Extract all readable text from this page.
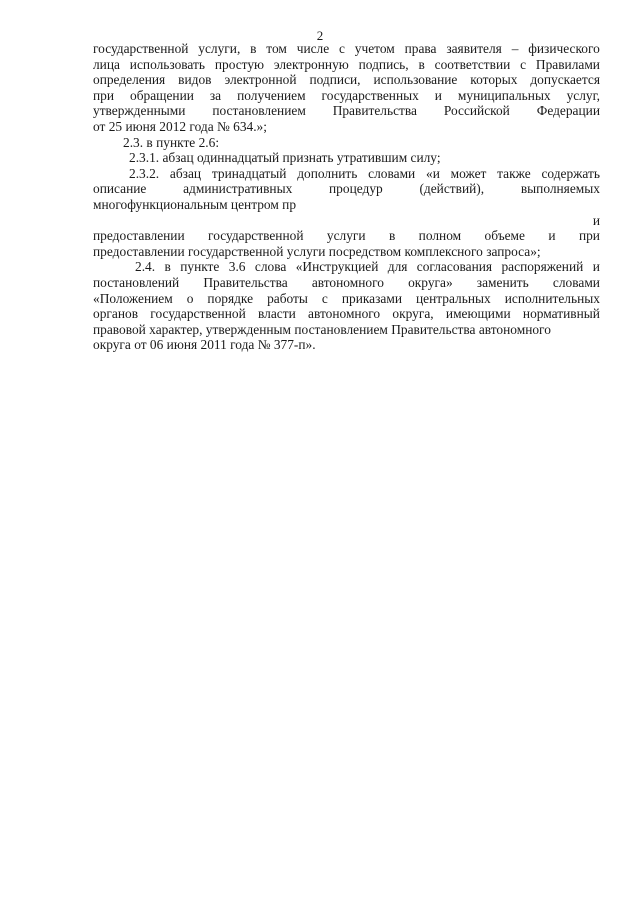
2
государственной услуги, в том числе с учетом права заявителя – физического
лица использовать простую электронную подпись, в соответствии с Правилами
определения видов электронной подписи, использование которых допускается
при обращении за получением государственных и муниципальных услуг,
утвержденными постановлением Правительства Российской Федерации
от 25 июня 2012 года № 634.»;
2.3. в пункте 2.6:
2.3.1. абзац одиннадцатый признать утратившим силу;
2.3.2. абзац тринадцатый дополнить словами «и может также содержать
описание	административных	процедур	(действий),	выполняемых
многофункциональным центром пр
и
предоставлении государственной услуги в полном объеме и при
предоставлении государственной услуги посредством комплексного запроса»;
2.4. в пункте 3.6 слова «Инструкцией для согласования распоряжений и
постановлений Правительства автономного округа» заменить словами
«Положением о порядке работы с приказами центральных исполнительных
органов государственной власти автономного округа, имеющими нормативный
правовой характер, утвержденным постановлением Правительства автономного
округа от 06 июня 2011 года № 377-п».
